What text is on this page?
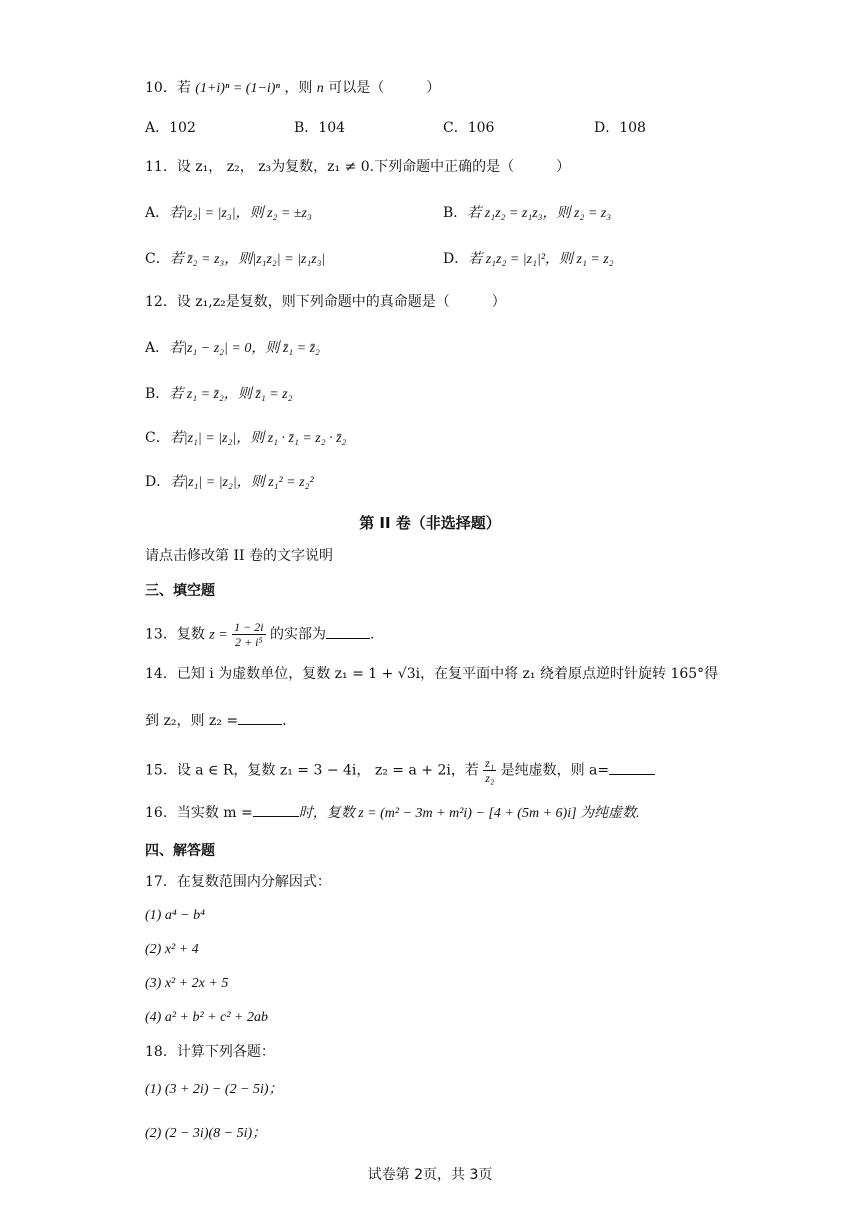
10．若 (1+i)ⁿ = (1−i)ⁿ ，则 n 可以是（　　　）
A．102	B．104	C．106	D．108
11．设 z₁， z₂， z₃为复数，z₁ ≠ 0.下列命题中正确的是（　　　）
A．若|z₂| = |z₃|，则 z₂ = ±z₃	B．若 z₁z₂ = z₁z₃，则 z₂ = z₃
C．若 z̄₂ = z₃，则|z₁z₂| = |z₁z₃|	D．若 z₁z₂ = |z₁|²，则 z₁ = z₂
12．设 z₁,z₂是复数，则下列命题中的真命题是（　　　）
A．若|z₁ − z₂| = 0，则 z̄₁ = z̄₂
B．若 z₁ = z̄₂，则 z̄₁ = z₂
C．若|z₁| = |z₂|，则 z₁ · z̄₁ = z₂ · z̄₂
D．若|z₁| = |z₂|，则 z₁² = z₂²
第 II 卷（非选择题）
请点击修改第 II 卷的文字说明
三、填空题
13．复数 $z = \frac{1 - 2i}{\text{2 + i⁵}}$ 的实部为	.
14．已知 i 为虚数单位，复数 z₁ = 1 + √3i，在复平面中将 z₁ 绕着原点逆时针旋转 165°得
到 z₂，则 z₂ =	.
15．设 a ∈ R，复数 z₁ = 3 − 4i， z₂ = a + 2i，若 $\frac{\text{z₁}}{\text{z₂}}$ 是纯虚数，则 a=
16．当实数 m =	时，复数 z = (m² − 3m + m²i) − [4 + (5m + 6)i] 为纯虚数.
四、解答题
17．在复数范围内分解因式：
(1) a⁴ − b⁴
(2) x² + 4
(3) x² + 2x + 5
(4) a² + b² + c² + 2ab
18．计算下列各题：
(1) (3 + 2i) − (2 − 5i)；
(2) (2 − 3i)(8 − 5i)；
试卷第 2页，共 3页
